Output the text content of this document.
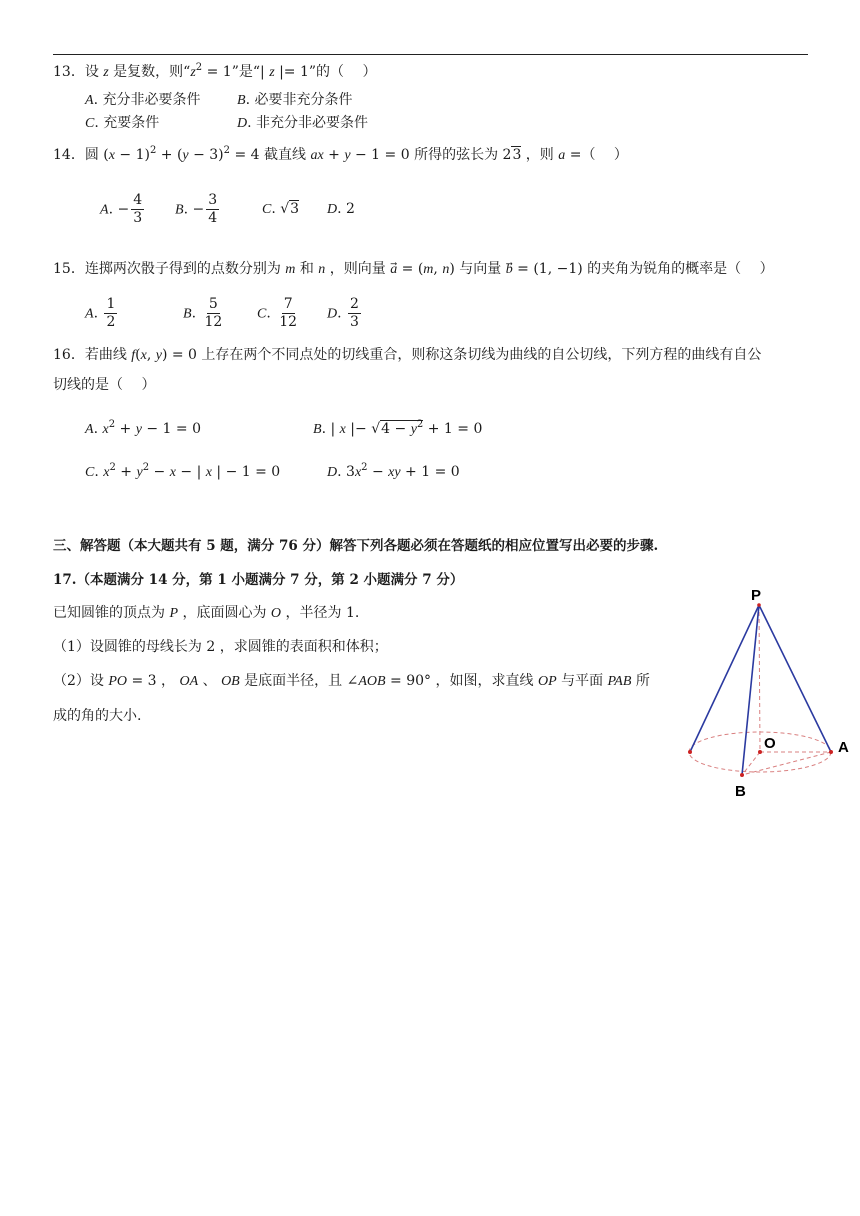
13．设 z 是复数，则“$z^2 = 1$”是“| z |= 1”的（　 ）
A. 充分非必要条件	B. 必要非充分条件
C. 充要条件	D. 非充分非必要条件
14．圆 $(x - 1)^2 + (y - 3)^2 = 4$ 截直线 ax + y − 1 = 0 所得的弦长为 23 ，则 a =（　 ）
A. − $\frac{4}{3} B$. − $\frac{3}{4}$	C. √3 D. 2
15．连掷两次骰子得到的点数分别为 m 和 n ，则向量 a⃗ = (m, n) 与向量 b⃗ = (1, −1) 的夹角为锐角的概率是（　 ）
A. $\frac{1}{2}$	B. $\frac{5}{12} C$. $\frac{7}{12} D$. $\frac{2}{3}$
16．若曲线 f(x, y) = 0 上存在两个不同点处的切线重合，则称这条切线为曲线的自公切线，下列方程的曲线有自公
切线的是（　 ）
A. $x^2 + y - 1 = 0$	B. | x |− $√4 - y^2 + 1 = 0$
C. $x^2 + y^2 - x$ − | x | − 1 = 0	D. $3x^2$ − xy + 1 = 0
三、解答题（本大题共有 5 题，满分 76 分）解答下列各题必须在答题纸的相应位置写出必要的步骤.
17.（本题满分 14 分，第 1 小题满分 7 分，第 2 小题满分 7 分）
已知圆锥的顶点为 P ，底面圆心为 O ，半径为 1.
（1）设圆锥的母线长为 2 ，求圆锥的表面积和体积；
（2）设 PO = 3 ， OA 、 OB 是底面半径，且 ∠AOB = 90° ，如图，求直线 OP 与平面 PAB 所
成的角的大小.
P
O	A
B
